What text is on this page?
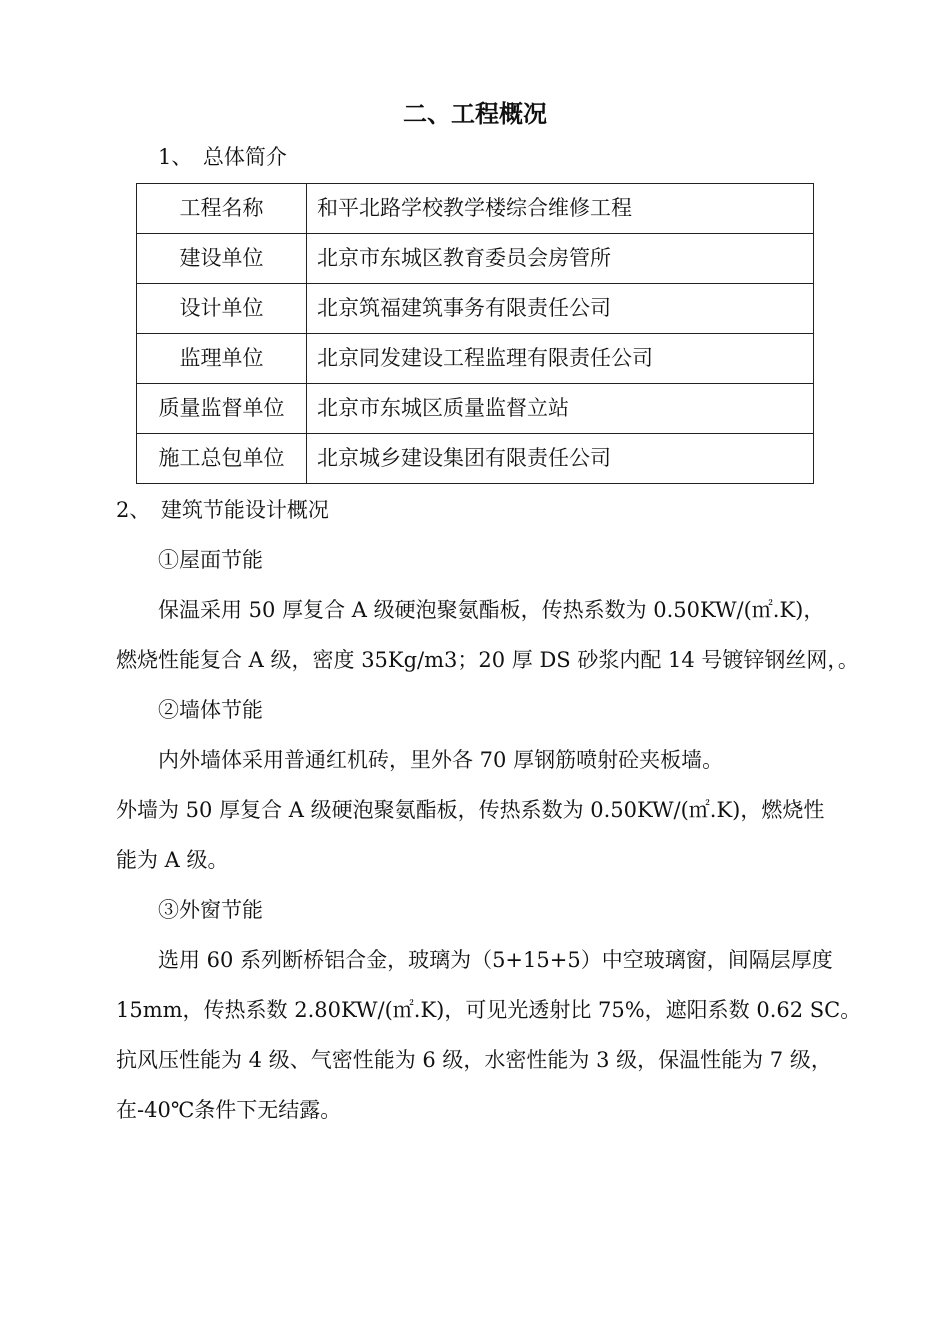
二、工程概况
1、　总体简介
工程名称	和平北路学校教学楼综合维修工程
建设单位	北京市东城区教育委员会房管所
设计单位	北京筑福建筑事务有限责任公司
监理单位	北京同发建设工程监理有限责任公司
质量监督单位	北京市东城区质量监督立站
施工总包单位	北京城乡建设集团有限责任公司
2、　建筑节能设计概况
①屋面节能
保温采用 50 厚复合 A 级硬泡聚氨酯板，传热系数为 0.50KW/(㎡.K)，
燃烧性能复合 A 级，密度 35Kg/m3；20 厚 DS 砂浆内配 14 号镀锌钢丝网，。
②墙体节能
内外墙体采用普通红机砖，里外各 70 厚钢筋喷射砼夹板墙。
外墙为 50 厚复合 A 级硬泡聚氨酯板，传热系数为 0.50KW/(㎡.K)，燃烧性
能为 A 级。
③外窗节能
选用 60 系列断桥铝合金，玻璃为（5+15+5）中空玻璃窗，间隔层厚度
15mm，传热系数 2.80KW/(㎡.K)，可见光透射比 75%，遮阳系数 0.62 SC。
抗风压性能为 4 级、气密性能为 6 级，水密性能为 3 级，保温性能为 7 级，
在-40℃条件下无结露。
